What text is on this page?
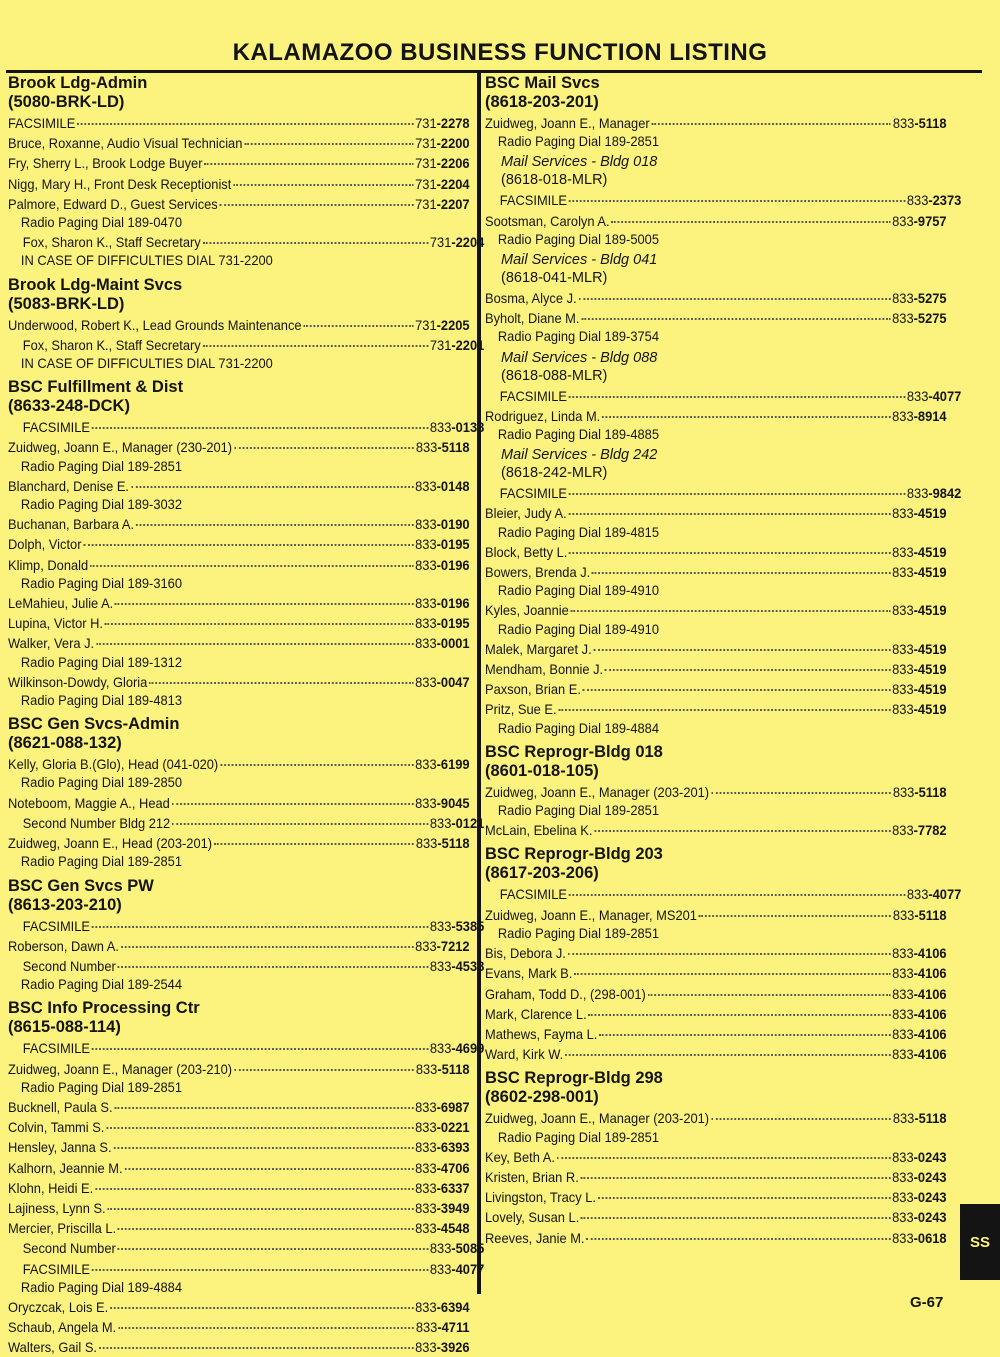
KALAMAZOO BUSINESS FUNCTION LISTING
Brook Ldg-Admin
(5080-BRK-LD)
FACSIMILE	731-2278
Bruce, Roxanne, Audio Visual Technician	731-2200
Fry, Sherry L., Brook Lodge Buyer	731-2206
Nigg, Mary H., Front Desk Receptionist	731-2204
Palmore, Edward D., Guest Services	731-2207
Radio Paging Dial 189-0470
Fox, Sharon K., Staff Secretary	731-2204
IN CASE OF DIFFICULTIES DIAL 731-2200
Brook Ldg-Maint Svcs
(5083-BRK-LD)
Underwood, Robert K., Lead Grounds Maintenance	731-2205
Fox, Sharon K., Staff Secretary	731-2201
IN CASE OF DIFFICULTIES DIAL 731-2200
BSC Fulfillment & Dist
(8633-248-DCK)
FACSIMILE	833-0138
Zuidweg, Joann E., Manager (230-201)	833-5118
Radio Paging Dial 189-2851
Blanchard, Denise E.	833-0148
Radio Paging Dial 189-3032
Buchanan, Barbara A.	833-0190
Dolph, Victor	833-0195
Klimp, Donald	833-0196
Radio Paging Dial 189-3160
LeMahieu, Julie A.	833-0196
Lupina, Victor H.	833-0195
Walker, Vera J.	833-0001
Radio Paging Dial 189-1312
Wilkinson-Dowdy, Gloria	833-0047
Radio Paging Dial 189-4813
BSC Gen Svcs-Admin
(8621-088-132)
Kelly, Gloria B.(Glo), Head (041-020)	833-6199
Radio Paging Dial 189-2850
Noteboom, Maggie A., Head	833-9045
Second Number Bldg 212	833-0121
Zuidweg, Joann E., Head (203-201)	833-5118
Radio Paging Dial 189-2851
BSC Gen Svcs PW
(8613-203-210)
FACSIMILE	833-5385
Roberson, Dawn A.	833-7212
Second Number	833-4538
Radio Paging Dial 189-2544
BSC Info Processing Ctr
(8615-088-114)
FACSIMILE	833-4699
Zuidweg, Joann E., Manager (203-210)	833-5118
Radio Paging Dial 189-2851
Bucknell, Paula S.	833-6987
Colvin, Tammi S.	833-0221
Hensley, Janna S.	833-6393
Kalhorn, Jeannie M.	833-4706
Klohn, Heidi E.	833-6337
Lajiness, Lynn S.	833-3949
Mercier, Priscilla L.	833-4548
Second Number	833-5085
FACSIMILE	833-4077
Radio Paging Dial 189-4884
Oryczcak, Lois E.	833-6394
Schaub, Angela M.	833-4711
Walters, Gail S.	833-3926
BSC Mail Svcs
(8618-203-201)
Zuidweg, Joann E., Manager	833-5118
Radio Paging Dial 189-2851
Mail Services - Bldg 018
(8618-018-MLR)
FACSIMILE	833-2373
Sootsman, Carolyn A.	833-9757
Radio Paging Dial 189-5005
Mail Services - Bldg 041
(8618-041-MLR)
Bosma, Alyce J.	833-5275
Byholt, Diane M.	833-5275
Radio Paging Dial 189-3754
Mail Services - Bldg 088
(8618-088-MLR)
FACSIMILE	833-4077
Rodriguez, Linda M.	833-8914
Radio Paging Dial 189-4885
Mail Services - Bldg 242
(8618-242-MLR)
FACSIMILE	833-9842
Bleier, Judy A.	833-4519
Radio Paging Dial 189-4815
Block, Betty L.	833-4519
Bowers, Brenda J.	833-4519
Radio Paging Dial 189-4910
Kyles, Joannie	833-4519
Radio Paging Dial 189-4910
Malek, Margaret J.	833-4519
Mendham, Bonnie J.	833-4519
Paxson, Brian E.	833-4519
Pritz, Sue E.	833-4519
Radio Paging Dial 189-4884
BSC Reprogr-Bldg 018
(8601-018-105)
Zuidweg, Joann E., Manager (203-201)	833-5118
Radio Paging Dial 189-2851
McLain, Ebelina K.	833-7782
BSC Reprogr-Bldg 203
(8617-203-206)
FACSIMILE	833-4077
Zuidweg, Joann E., Manager, MS201	833-5118
Radio Paging Dial 189-2851
Bis, Debora J.	833-4106
Evans, Mark B.	833-4106
Graham, Todd D., (298-001)	833-4106
Mark, Clarence L.	833-4106
Mathews, Fayma L.	833-4106
Ward, Kirk W.	833-4106
BSC Reprogr-Bldg 298
(8602-298-001)
Zuidweg, Joann E., Manager (203-201)	833-5118
Radio Paging Dial 189-2851
Key, Beth A.	833-0243
Kristen, Brian R.	833-0243
Livingston, Tracy L.	833-0243
Lovely, Susan L.	833-0243
Reeves, Janie M.	833-0618	SS
G-67
